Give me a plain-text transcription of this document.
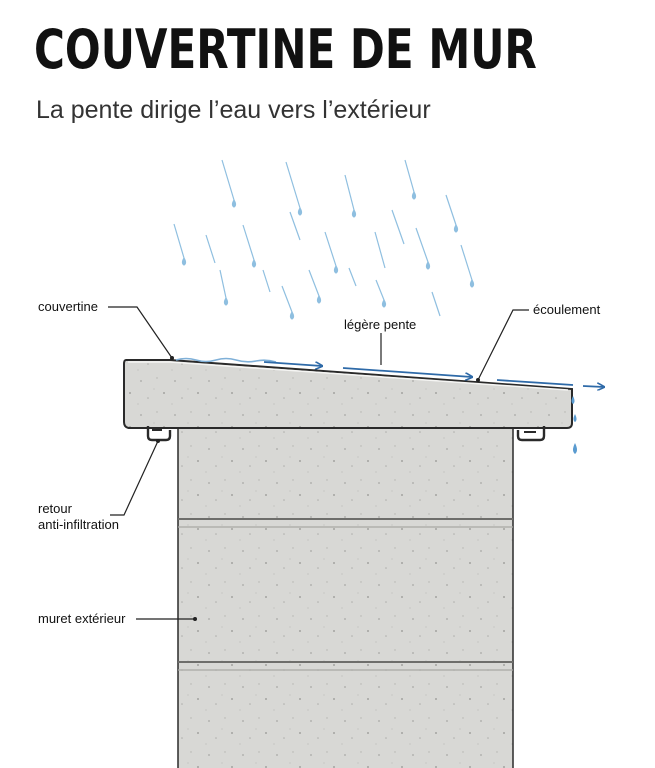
COUVERTINE DE MUR
La pente dirige l’eau vers l’extérieur
couvertine
légère pente
écoulement
retour
anti-infiltration
muret extérieur
